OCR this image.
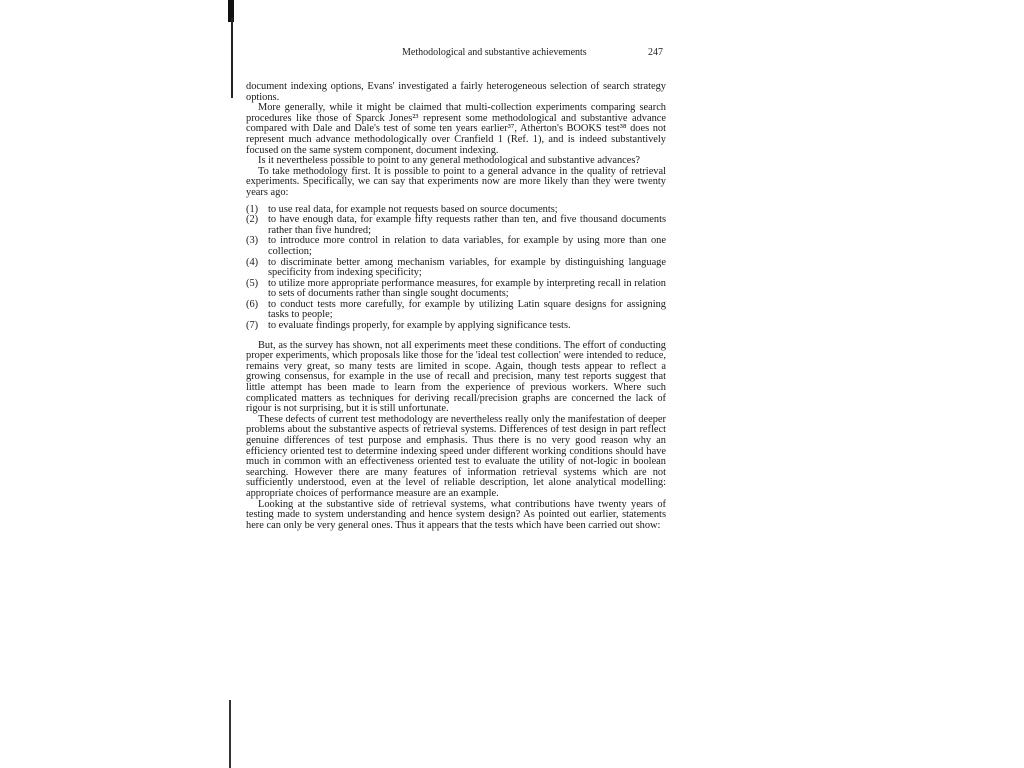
Methodological and substantive achievements	247

document indexing options, Evans' investigated a fairly heterogeneous selection of search strategy options.

More generally, while it might be claimed that multi-collection experiments comparing search procedures like those of Sparck Jones²³ represent some methodological and substantive advance compared with Dale and Dale's test of some ten years earlier³⁷, Atherton's BOOKS test³⁸ does not represent much advance methodologically over Cranfield 1 (Ref. 1), and is indeed substantively focused on the same system component, document indexing.

Is it nevertheless possible to point to any general methodological and substantive advances?

To take methodology first. It is possible to point to a general advance in the quality of retrieval experiments. Specifically, we can say that experiments now are more likely than they were twenty years ago:

(1) to use real data, for example not requests based on source documents;
(2) to have enough data, for example fifty requests rather than ten, and five thousand documents rather than five hundred;
(3) to introduce more control in relation to data variables, for example by using more than one collection;
(4) to discriminate better among mechanism variables, for example by distinguishing language specificity from indexing specificity;
(5) to utilize more appropriate performance measures, for example by interpreting recall in relation to sets of documents rather than single sought documents;
(6) to conduct tests more carefully, for example by utilizing Latin square designs for assigning tasks to people;
(7) to evaluate findings properly, for example by applying significance tests.

But, as the survey has shown, not all experiments meet these conditions. The effort of conducting proper experiments, which proposals like those for the 'ideal test collection' were intended to reduce, remains very great, so many tests are limited in scope. Again, though tests appear to reflect a growing consensus, for example in the use of recall and precision, many test reports suggest that little attempt has been made to learn from the experience of previous workers. Where such complicated matters as techniques for deriving recall/precision graphs are concerned the lack of rigour is not surprising, but it is still unfortunate.

These defects of current test methodology are nevertheless really only the manifestation of deeper problems about the substantive aspects of retrieval systems. Differences of test design in part reflect genuine differences of test purpose and emphasis. Thus there is no very good reason why an efficiency oriented test to determine indexing speed under different working conditions should have much in common with an effectiveness oriented test to evaluate the utility of not-logic in boolean searching. However there are many features of information retrieval systems which are not sufficiently understood, even at the level of reliable description, let alone analytical modelling: appropriate choices of performance measure are an example.

Looking at the substantive side of retrieval systems, what contributions have twenty years of testing made to system understanding and hence system design? As pointed out earlier, statements here can only be very general ones. Thus it appears that the tests which have been carried out show:
